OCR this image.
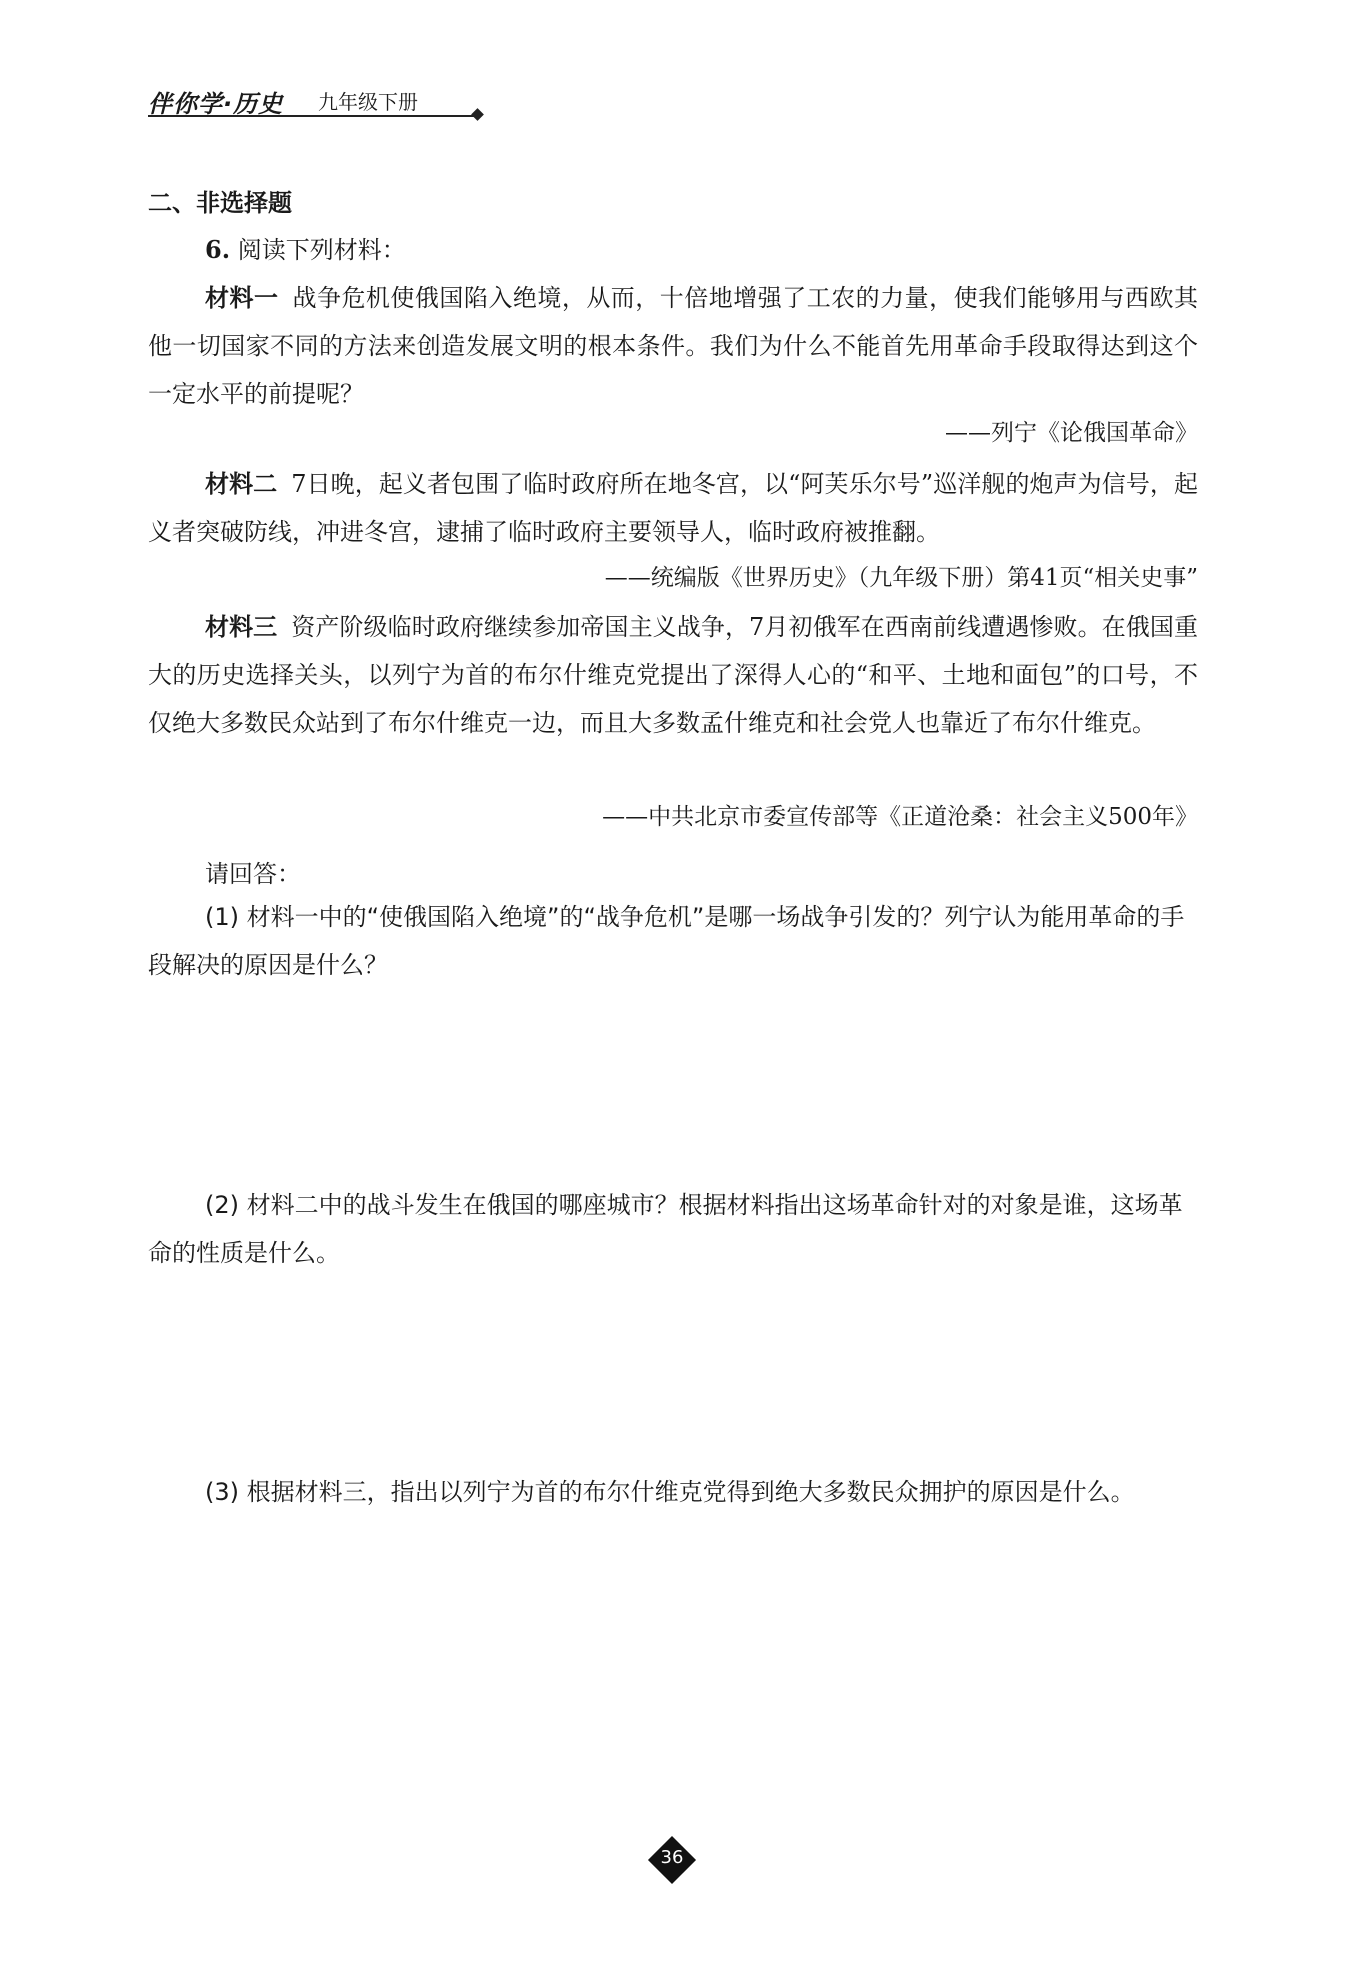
伴你学·历史 九年级下册
二、非选择题
6. 阅读下列材料：
材料一 战争危机使俄国陷入绝境，从而，十倍地增强了工农的力量，使我们能够用与西欧其他一切国家不同的方法来创造发展文明的根本条件。我们为什么不能首先用革命手段取得达到这个一定水平的前提呢？
——列宁《论俄国革命》
材料二 7日晚，起义者包围了临时政府所在地冬宫，以“阿芙乐尔号”巡洋舰的炮声为信号，起义者突破防线，冲进冬宫，逮捕了临时政府主要领导人，临时政府被推翻。
——统编版《世界历史》（九年级下册）第41页“相关史事”
材料三 资产阶级临时政府继续参加帝国主义战争，7月初俄军在西南前线遭遇惨败。在俄国重大的历史选择关头，以列宁为首的布尔什维克党提出了深得人心的“和平、土地和面包”的口号，不仅绝大多数民众站到了布尔什维克一边，而且大多数孟什维克和社会党人也靠近了布尔什维克。
——中共北京市委宣传部等《正道沧桑：社会主义500年》
请回答：
(1) 材料一中的“使俄国陷入绝境”的“战争危机”是哪一场战争引发的？列宁认为能用革命的手段解决的原因是什么？
(2) 材料二中的战斗发生在俄国的哪座城市？根据材料指出这场革命针对的对象是谁，这场革命的性质是什么。
(3) 根据材料三，指出以列宁为首的布尔什维克党得到绝大多数民众拥护的原因是什么。
36
